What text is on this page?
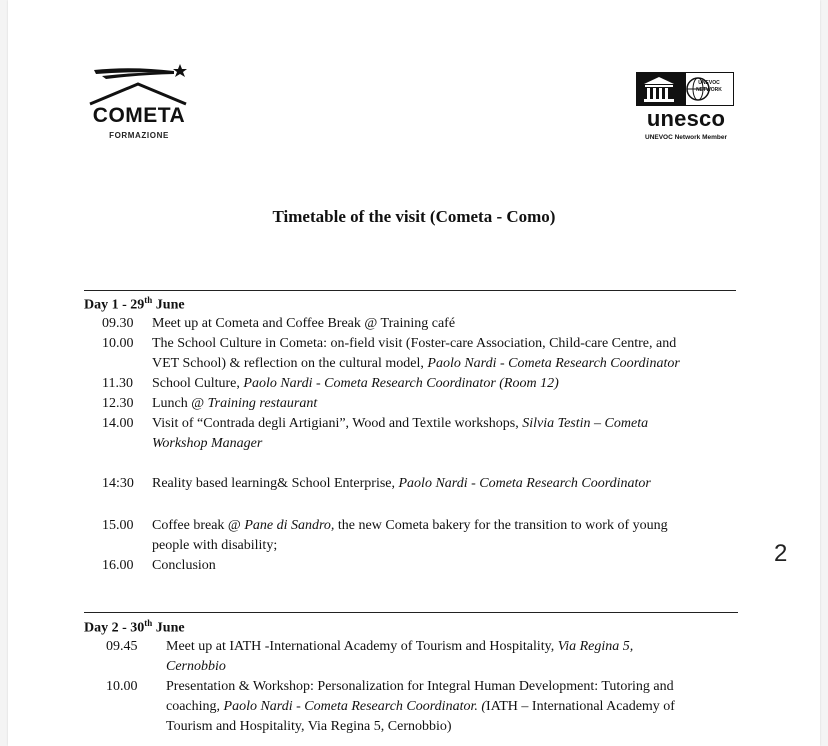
COMETA
FORMAZIONE
unesco
UNEVOC Network Member
UNEVOC NETWORK
Timetable of the visit (Cometa - Como)
Day 1 - 29th June
09.30	Meet up at Cometa and Coffee Break @ Training café
10.00	The School Culture in Cometa: on-field visit (Foster-care Association, Child-care Centre, and
VET School) & reflection on the cultural model, Paolo Nardi - Cometa Research Coordinator
11.30	School Culture, Paolo Nardi - Cometa Research Coordinator (Room 12)
12.30	Lunch @ Training restaurant
14.00	Visit of “Contrada degli Artigiani”, Wood and Textile workshops, Silvia Testin – Cometa
Workshop Manager
14:30	Reality based learning& School Enterprise, Paolo Nardi - Cometa Research Coordinator
15.00	Coffee break @ Pane di Sandro, the new Cometa bakery for the transition to work of young
people with disability;
16.00	Conclusion	2
Day 2 - 30th June
09.45	Meet up at IATH -International Academy of Tourism and Hospitality, Via Regina 5,
Cernobbio
10.00	Presentation & Workshop: Personalization for Integral Human Development: Tutoring and
coaching, Paolo Nardi - Cometa Research Coordinator. (IATH – International Academy of
Tourism and Hospitality, Via Regina 5, Cernobbio)
